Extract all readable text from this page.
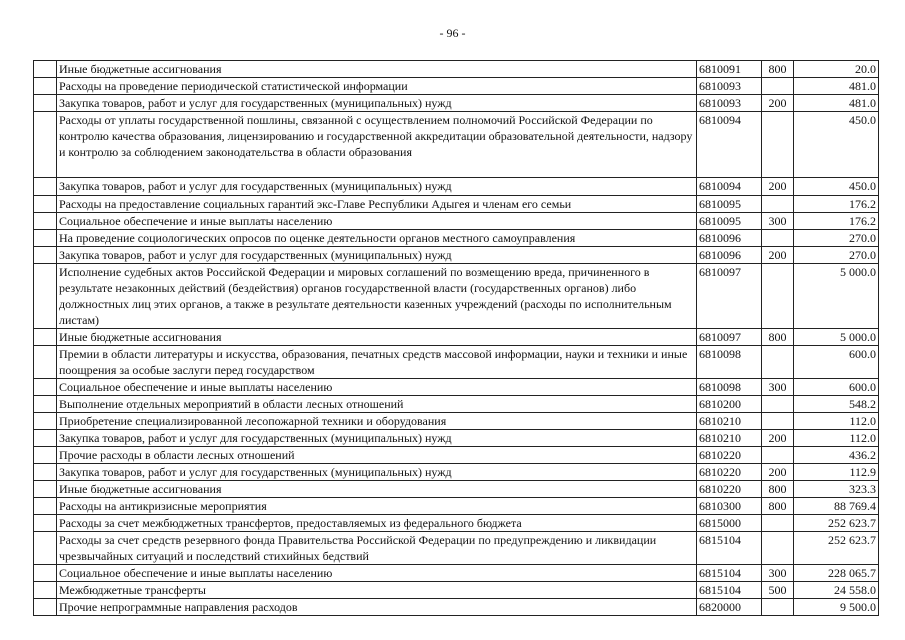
- 96 -
	Иные бюджетные ассигнования	6810091	800	20.0
	Расходы на проведение периодической статистической информации	6810093		481.0
	Закупка товаров, работ и услуг для государственных (муниципальных) нужд	6810093	200	481.0
	Расходы от уплаты государственной пошлины, связанной с осуществлением полномочий Российской Федерации по контролю качества образования, лицензированию и государственной аккредитации образовательной деятельности, надзору и контролю за соблюдением законодательства в области образования	6810094		450.0
	Закупка товаров, работ и услуг для государственных (муниципальных) нужд	6810094	200	450.0
	Расходы на предоставление социальных гарантий экс-Главе Республики Адыгея и членам его семьи	6810095		176.2
	Социальное обеспечение и иные выплаты населению	6810095	300	176.2
	На проведение социологических опросов по оценке деятельности органов местного самоуправления	6810096		270.0
	Закупка товаров, работ и услуг для государственных (муниципальных) нужд	6810096	200	270.0
	Исполнение судебных актов Российской Федерации и мировых соглашений по возмещению вреда, причиненного в результате незаконных действий (бездействия) органов государственной власти (государственных органов) либо должностных лиц этих органов, а также в результате деятельности казенных учреждений (расходы по исполнительным листам)	6810097		5 000.0
	Иные бюджетные ассигнования	6810097	800	5 000.0
	Премии в области литературы и искусства, образования, печатных средств массовой информации, науки и техники и иные поощрения за особые заслуги перед государством	6810098		600.0
	Социальное обеспечение и иные выплаты населению	6810098	300	600.0
	Выполнение отдельных мероприятий в области лесных отношений	6810200		548.2
	Приобретение специализированной лесопожарной техники и оборудования	6810210		112.0
	Закупка товаров, работ и услуг для государственных (муниципальных) нужд	6810210	200	112.0
	Прочие расходы в области лесных отношений	6810220		436.2
	Закупка товаров, работ и услуг для государственных (муниципальных) нужд	6810220	200	112.9
	Иные бюджетные ассигнования	6810220	800	323.3
	Расходы на антикризисные мероприятия	6810300	800	88 769.4
	Расходы за счет межбюджетных трансфертов, предоставляемых из федерального бюджета	6815000		252 623.7
	Расходы за счет средств резервного фонда Правительства Российской Федерации по предупреждению и ликвидации чрезвычайных ситуаций и последствий стихийных бедствий	6815104		252 623.7
	Социальное обеспечение и иные выплаты населению	6815104	300	228 065.7
	Межбюджетные трансферты	6815104	500	24 558.0
	Прочие непрограммные направления расходов	6820000		9 500.0
